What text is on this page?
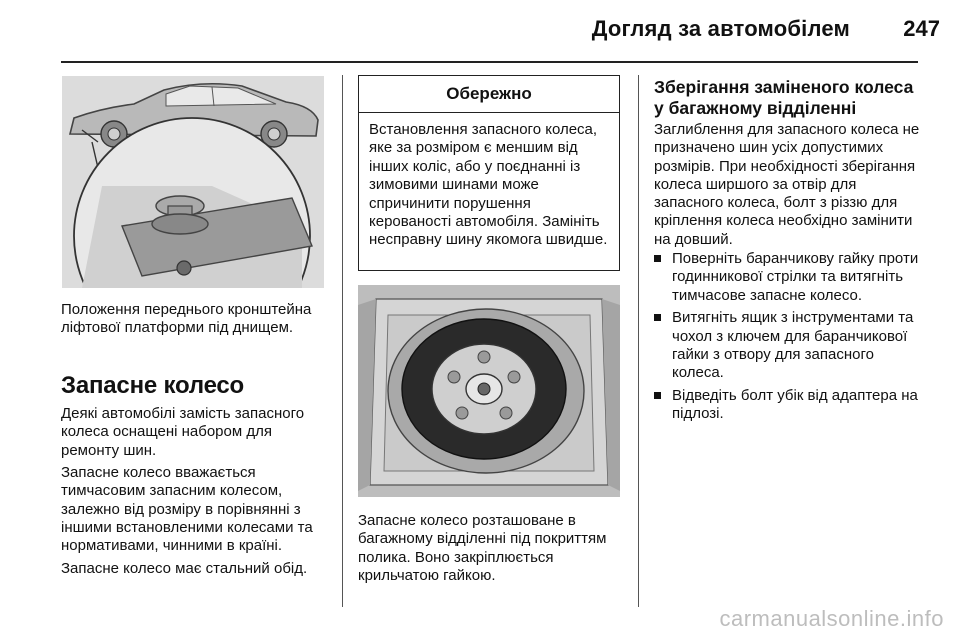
Догляд за автомобілем	247

Положення переднього кронштейна ліфтової платформи під днищем.

Запасне колесо

Деякі автомобілі замість запасного колеса оснащені набором для ремонту шин.

Запасне колесо вважається тимчасовим запасним колесом, залежно від розміру в порівнянні з іншими встановленими колесами та нормативами, чинними в країні.

Запасне колесо має стальний обід.

Обережно

Встановлення запасного колеса, яке за розміром є меншим від інших коліс, або у поєднанні із зимовими шинами може спричинити порушення керованості автомобіля. Замініть несправну шину якомога швидше.

Запасне колесо розташоване в багажному відділенні під покриттям полика. Воно закріплюється крильчатою гайкою.

Зберігання заміненого колеса у багажному відділенні

Заглиблення для запасного колеса не призначено шин усіх допустимих розмірів. При необхідності зберігання колеса ширшого за отвір для запасного колеса, болт з різзю для кріплення колеса необхідно замінити на довший.

Поверніть баранчикову гайку проти годинникової стрілки та витягніть тимчасове запасне колесо.
Витягніть ящик з інструментами та чохол з ключем для баранчикової гайки з отвору для запасного колеса.
Відведіть болт убік від адаптера на підлозі.
carmanualsonline.info
